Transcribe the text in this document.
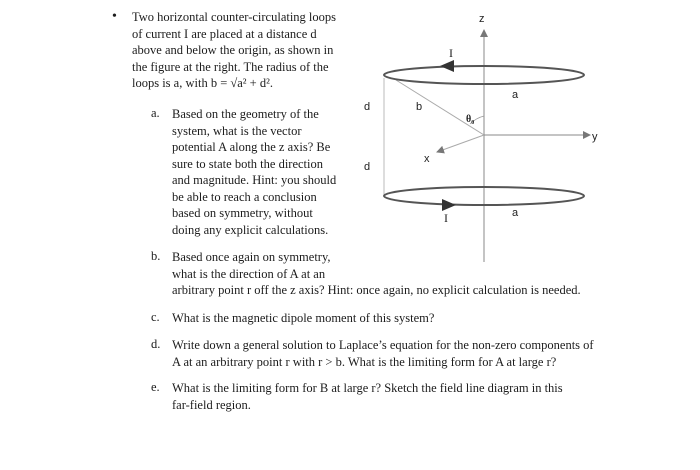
• Two horizontal counter-circulating loops
of current I are placed at a distance d
above and below the origin, as shown in
the figure at the right. The radius of the
loops is a, with b = √a² + d².
a. Based on the geometry of the
system, what is the vector
potential A along the z axis? Be
sure to state both the direction
and magnitude. Hint: you should
be able to reach a conclusion
based on symmetry, without
doing any explicit calculations.
b. Based once again on symmetry,
what is the direction of A at an
arbitrary point r off the z axis? Hint: once again, no explicit calculation is needed.
c. What is the magnetic dipole moment of this system?
d. Write down a general solution to Laplace’s equation for the non-zero components of
A at an arbitrary point r with r > b. What is the limiting form for A at large r?
e. What is the limiting form for B at large r? Sketch the field line diagram in this
far-field region.
z
y
x
I
I
a
a
d
d
b
θ₀
